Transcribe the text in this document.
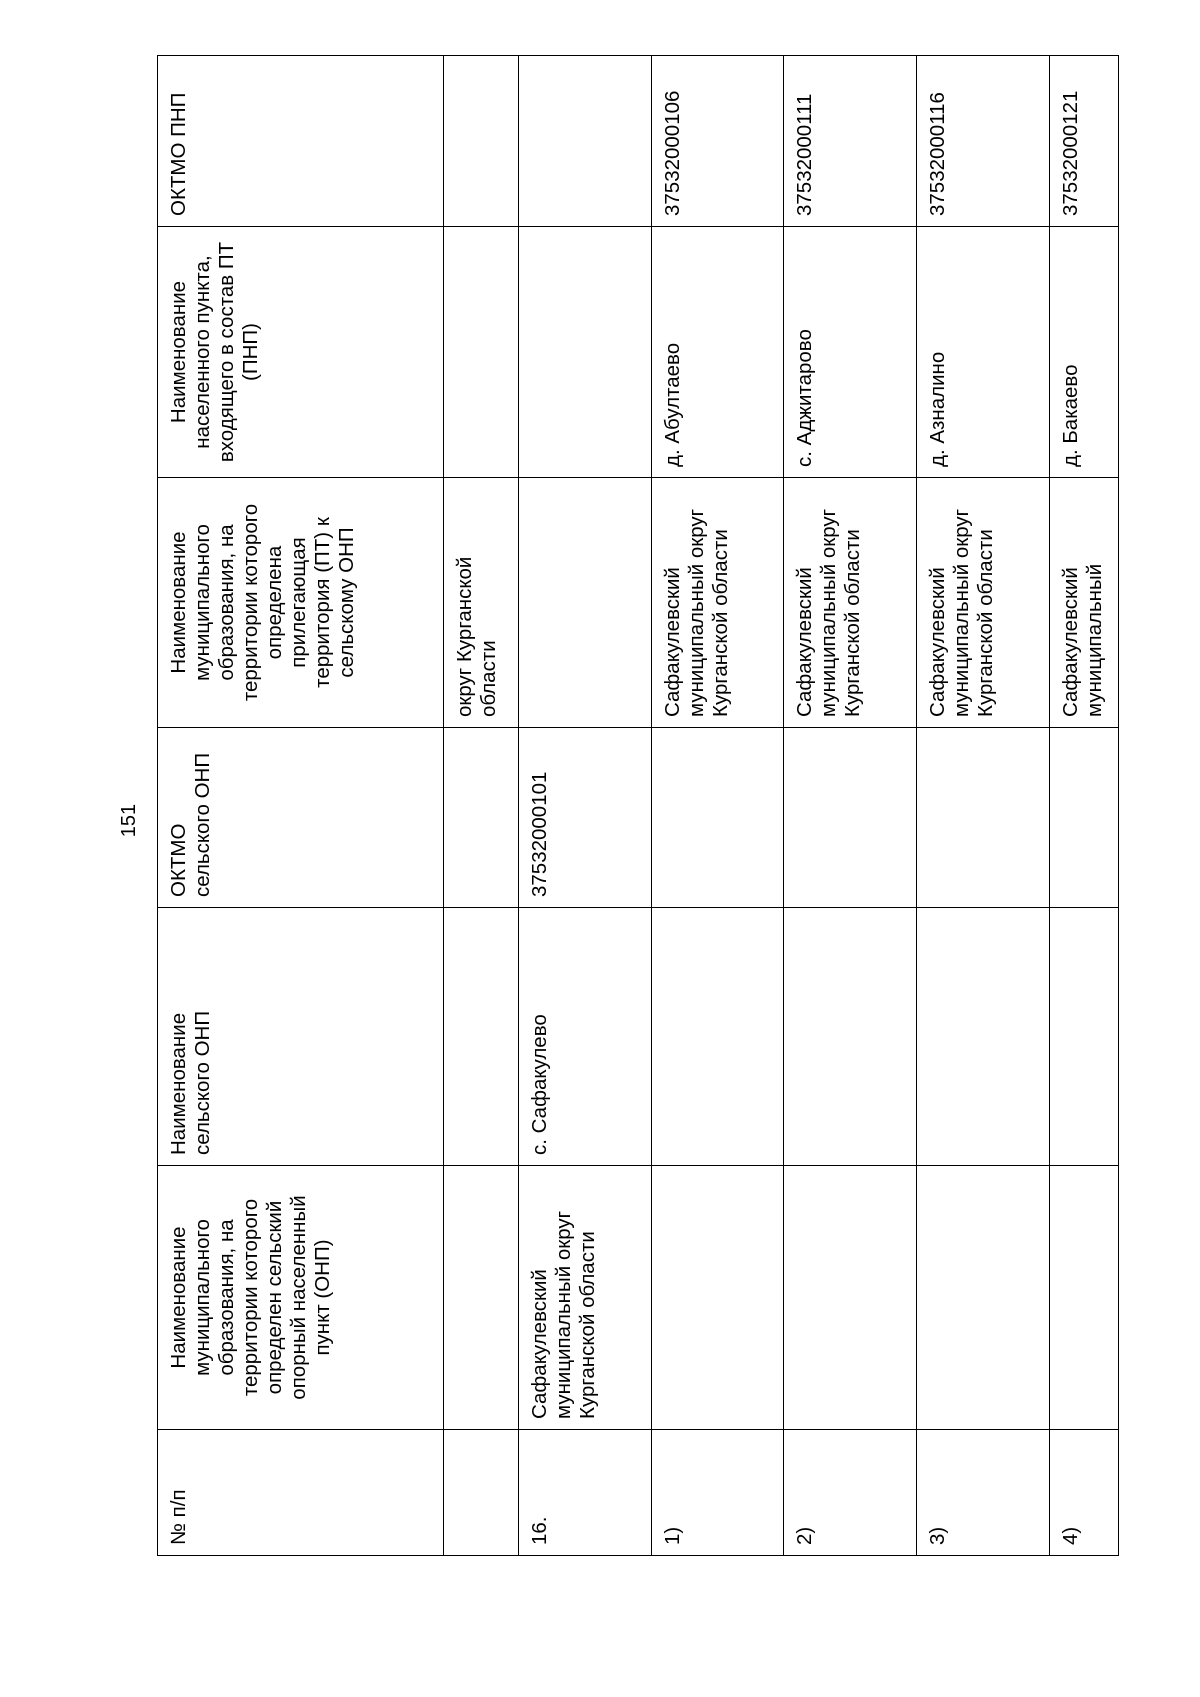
151
№ п/п	Наименование муниципального образования, на территории которого определен сельский опорный населенный пункт (ОНП)	Наименование сельского ОНП	ОКТМО сельского ОНП	Наименование муниципального образования, на территории которого определена прилегающая территория (ПТ) к сельскому ОНП	Наименование населенного пункта, входящего в состав ПТ (ПНП)	ОКТМО ПНП
				округ Курганской области		
16.	Сафакулевский муниципальный округ Курганской области	с. Сафакулево	37532000101			
1)				Сафакулевский муниципальный округ Курганской области	д. Абултаево	37532000106
2)				Сафакулевский муниципальный округ Курганской области	с. Аджитарово	37532000111
3)				Сафакулевский муниципальный округ Курганской области	д. Азналино	37532000116
4)				Сафакулевский муниципальный	д. Бакаево	37532000121
